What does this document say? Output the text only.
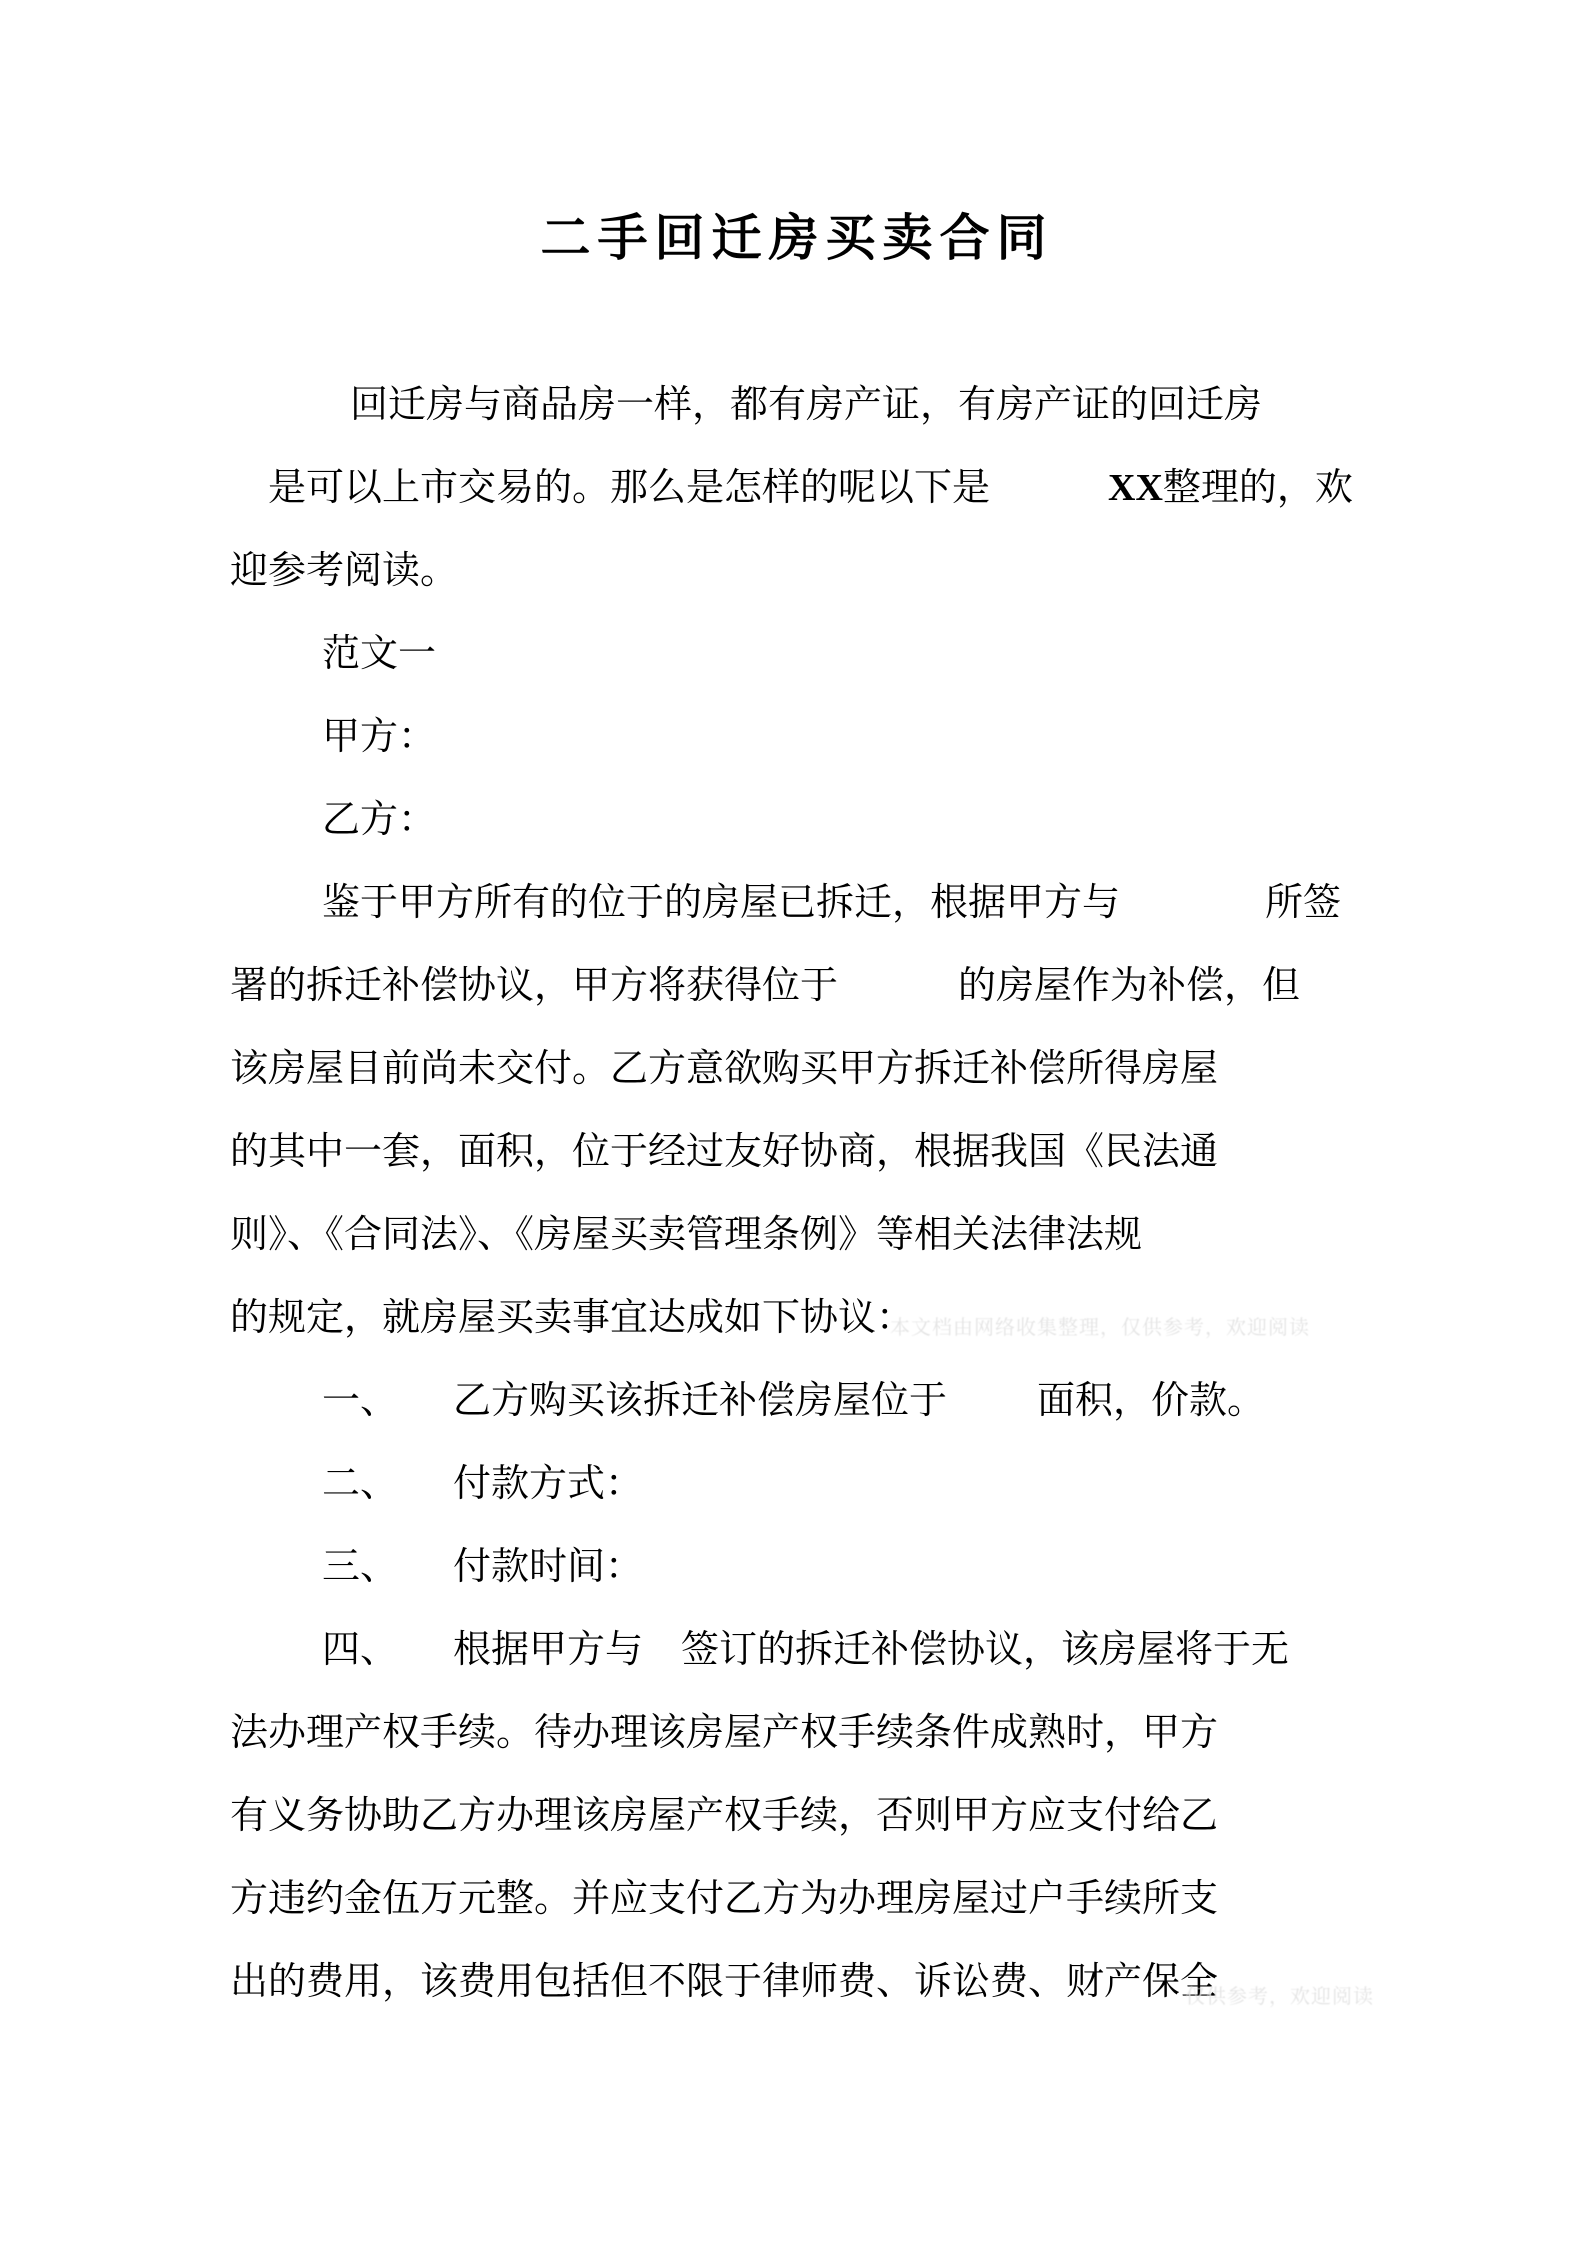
二手回迁房买卖合同
回迁房与商品房一样，都有房产证，有房产证的回迁房
是可以上市交易的。那么是怎样的呢以下是	XX整理的，欢
迎参考阅读。
范文一
甲方：
乙方：
鉴于甲方所有的位于的房屋已拆迁，根据甲方与	所签
署的拆迁补偿协议，甲方将获得位于	的房屋作为补偿，但
该房屋目前尚未交付。乙方意欲购买甲方拆迁补偿所得房屋
的其中一套，面积，位于经过友好协商，根据我国《民法通
则》、《合同法》、《房屋买卖管理条例》等相关法律法规
的规定，就房屋买卖事宜达成如下协议：
一、 乙方购买该拆迁补偿房屋位于 面积，价款。
二、 付款方式：
三、 付款时间：
四、 根据甲方与 签订的拆迁补偿协议，该房屋将于无
法办理产权手续。待办理该房屋产权手续条件成熟时，甲方
有义务协助乙方办理该房屋产权手续，否则甲方应支付给乙
方违约金伍万元整。并应支付乙方为办理房屋过户手续所支
出的费用，该费用包括但不限于律师费、诉讼费、财产保全
本文档由网络收集整理，仅供参考，欢迎阅读
仅供参考，欢迎阅读
